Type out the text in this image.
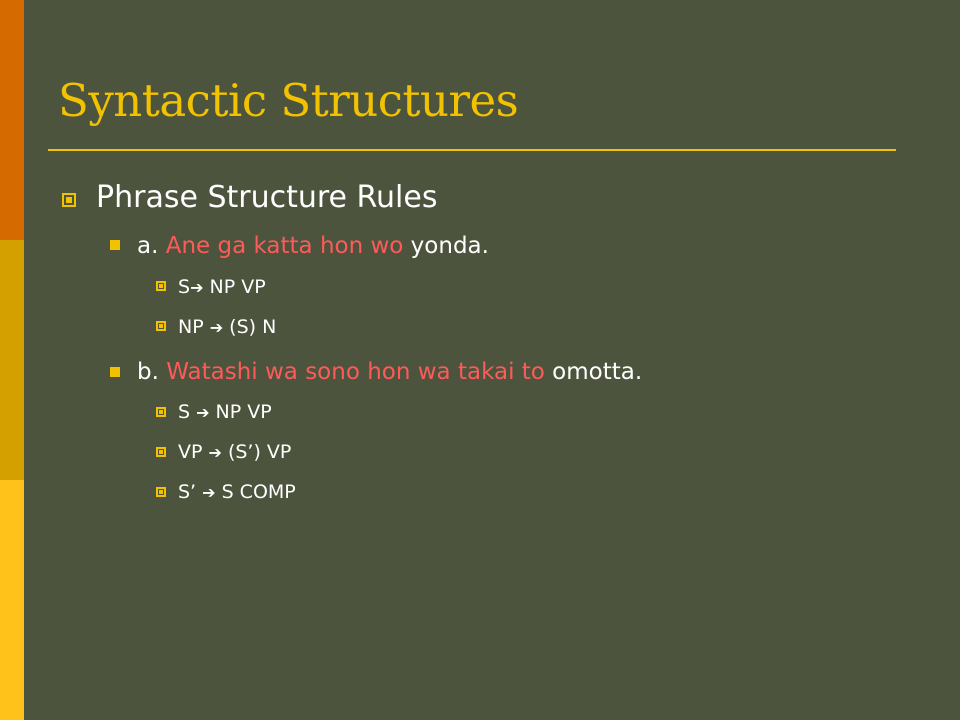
Syntactic Structures
Phrase Structure Rules
a. Ane ga katta hon wo yonda.
S➔ NP VP
NP ➔ (S) N
b. Watashi wa sono hon wa takai to omotta.
S ➔ NP VP
VP ➔ (S’) VP
S’ ➔ S COMP
